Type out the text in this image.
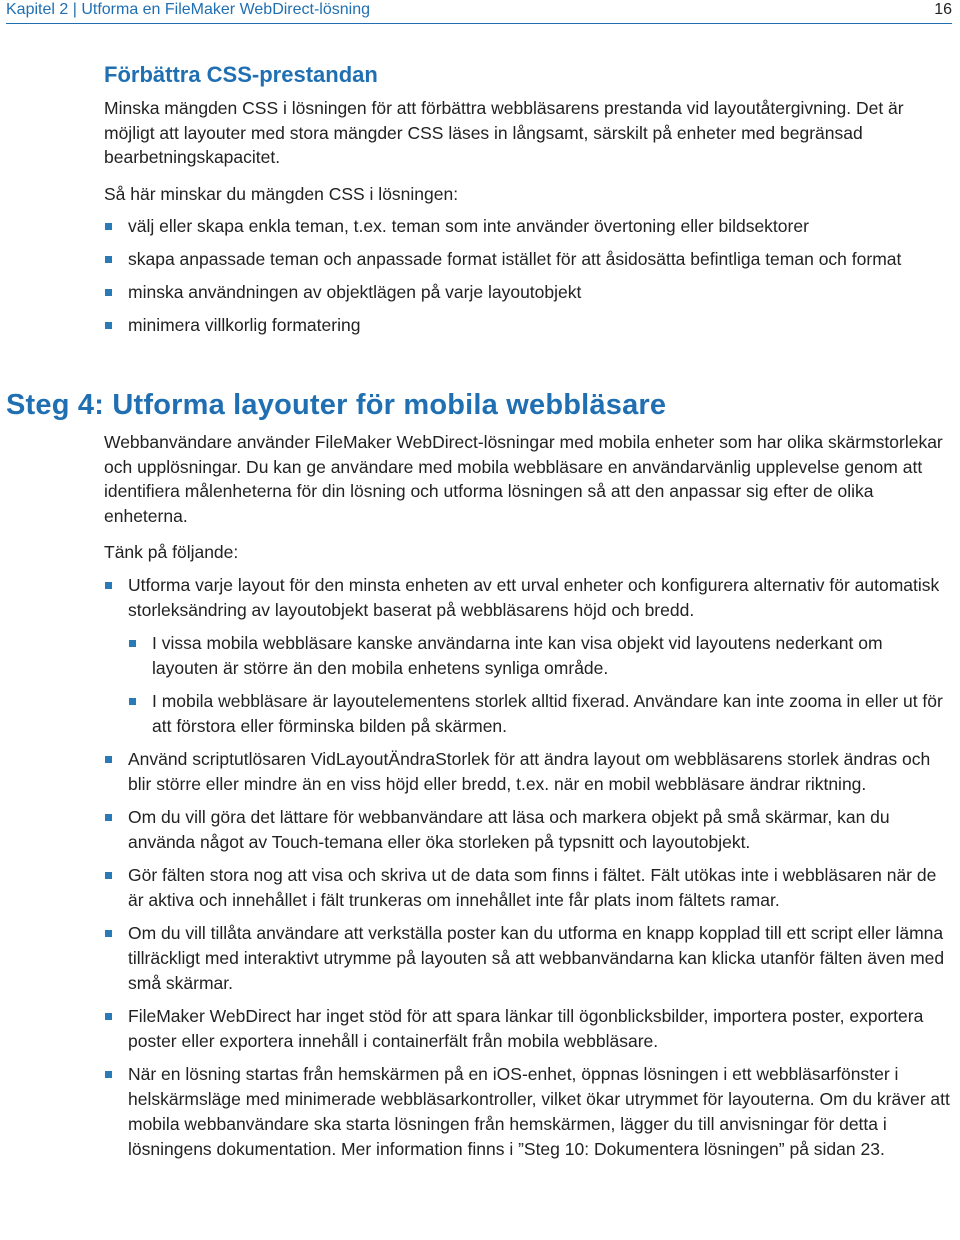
Kapitel 2 | Utforma en FileMaker WebDirect-lösning	16
Förbättra CSS-prestandan

Minska mängden CSS i lösningen för att förbättra webbläsarens prestanda vid layoutåtergivning. Det är möjligt att layouter med stora mängder CSS läses in långsamt, särskilt på enheter med begränsad bearbetningskapacitet.

Så här minskar du mängden CSS i lösningen:

välj eller skapa enkla teman, t.ex. teman som inte använder övertoning eller bildsektorer
skapa anpassade teman och anpassade format istället för att åsidosätta befintliga teman och format
minska användningen av objektlägen på varje layoutobjekt
minimera villkorlig formatering
Steg 4: Utforma layouter för mobila webbläsare

Webbanvändare använder FileMaker WebDirect-lösningar med mobila enheter som har olika skärmstorlekar och upplösningar. Du kan ge användare med mobila webbläsare en användarvänlig upplevelse genom att identifiera målenheterna för din lösning och utforma lösningen så att den anpassar sig efter de olika enheterna.

Tänk på följande:

Utforma varje layout för den minsta enheten av ett urval enheter och konfigurera alternativ för automatisk storleksändring av layoutobjekt baserat på webbläsarens höjd och bredd.
I vissa mobila webbläsare kanske användarna inte kan visa objekt vid layoutens nederkant om layouten är större än den mobila enhetens synliga område.
I mobila webbläsare är layoutelementens storlek alltid fixerad. Användare kan inte zooma in eller ut för att förstora eller förminska bilden på skärmen.
Använd scriptutlösaren VidLayoutÄndraStorlek för att ändra layout om webbläsarens storlek ändras och blir större eller mindre än en viss höjd eller bredd, t.ex. när en mobil webbläsare ändrar riktning.
Om du vill göra det lättare för webbanvändare att läsa och markera objekt på små skärmar, kan du använda något av Touch-temana eller öka storleken på typsnitt och layoutobjekt.
Gör fälten stora nog att visa och skriva ut de data som finns i fältet. Fält utökas inte i webbläsaren när de är aktiva och innehållet i fält trunkeras om innehållet inte får plats inom fältets ramar.
Om du vill tillåta användare att verkställa poster kan du utforma en knapp kopplad till ett script eller lämna tillräckligt med interaktivt utrymme på layouten så att webbanvändarna kan klicka utanför fälten även med små skärmar.
FileMaker WebDirect har inget stöd för att spara länkar till ögonblicksbilder, importera poster, exportera poster eller exportera innehåll i containerfält från mobila webbläsare.
När en lösning startas från hemskärmen på en iOS-enhet, öppnas lösningen i ett webbläsarfönster i helskärmsläge med minimerade webbläsarkontroller, vilket ökar utrymmet för layouterna. Om du kräver att mobila webbanvändare ska starta lösningen från hemskärmen, lägger du till anvisningar för detta i lösningens dokumentation. Mer information finns i ”Steg 10: Dokumentera lösningen” på sidan 23.
